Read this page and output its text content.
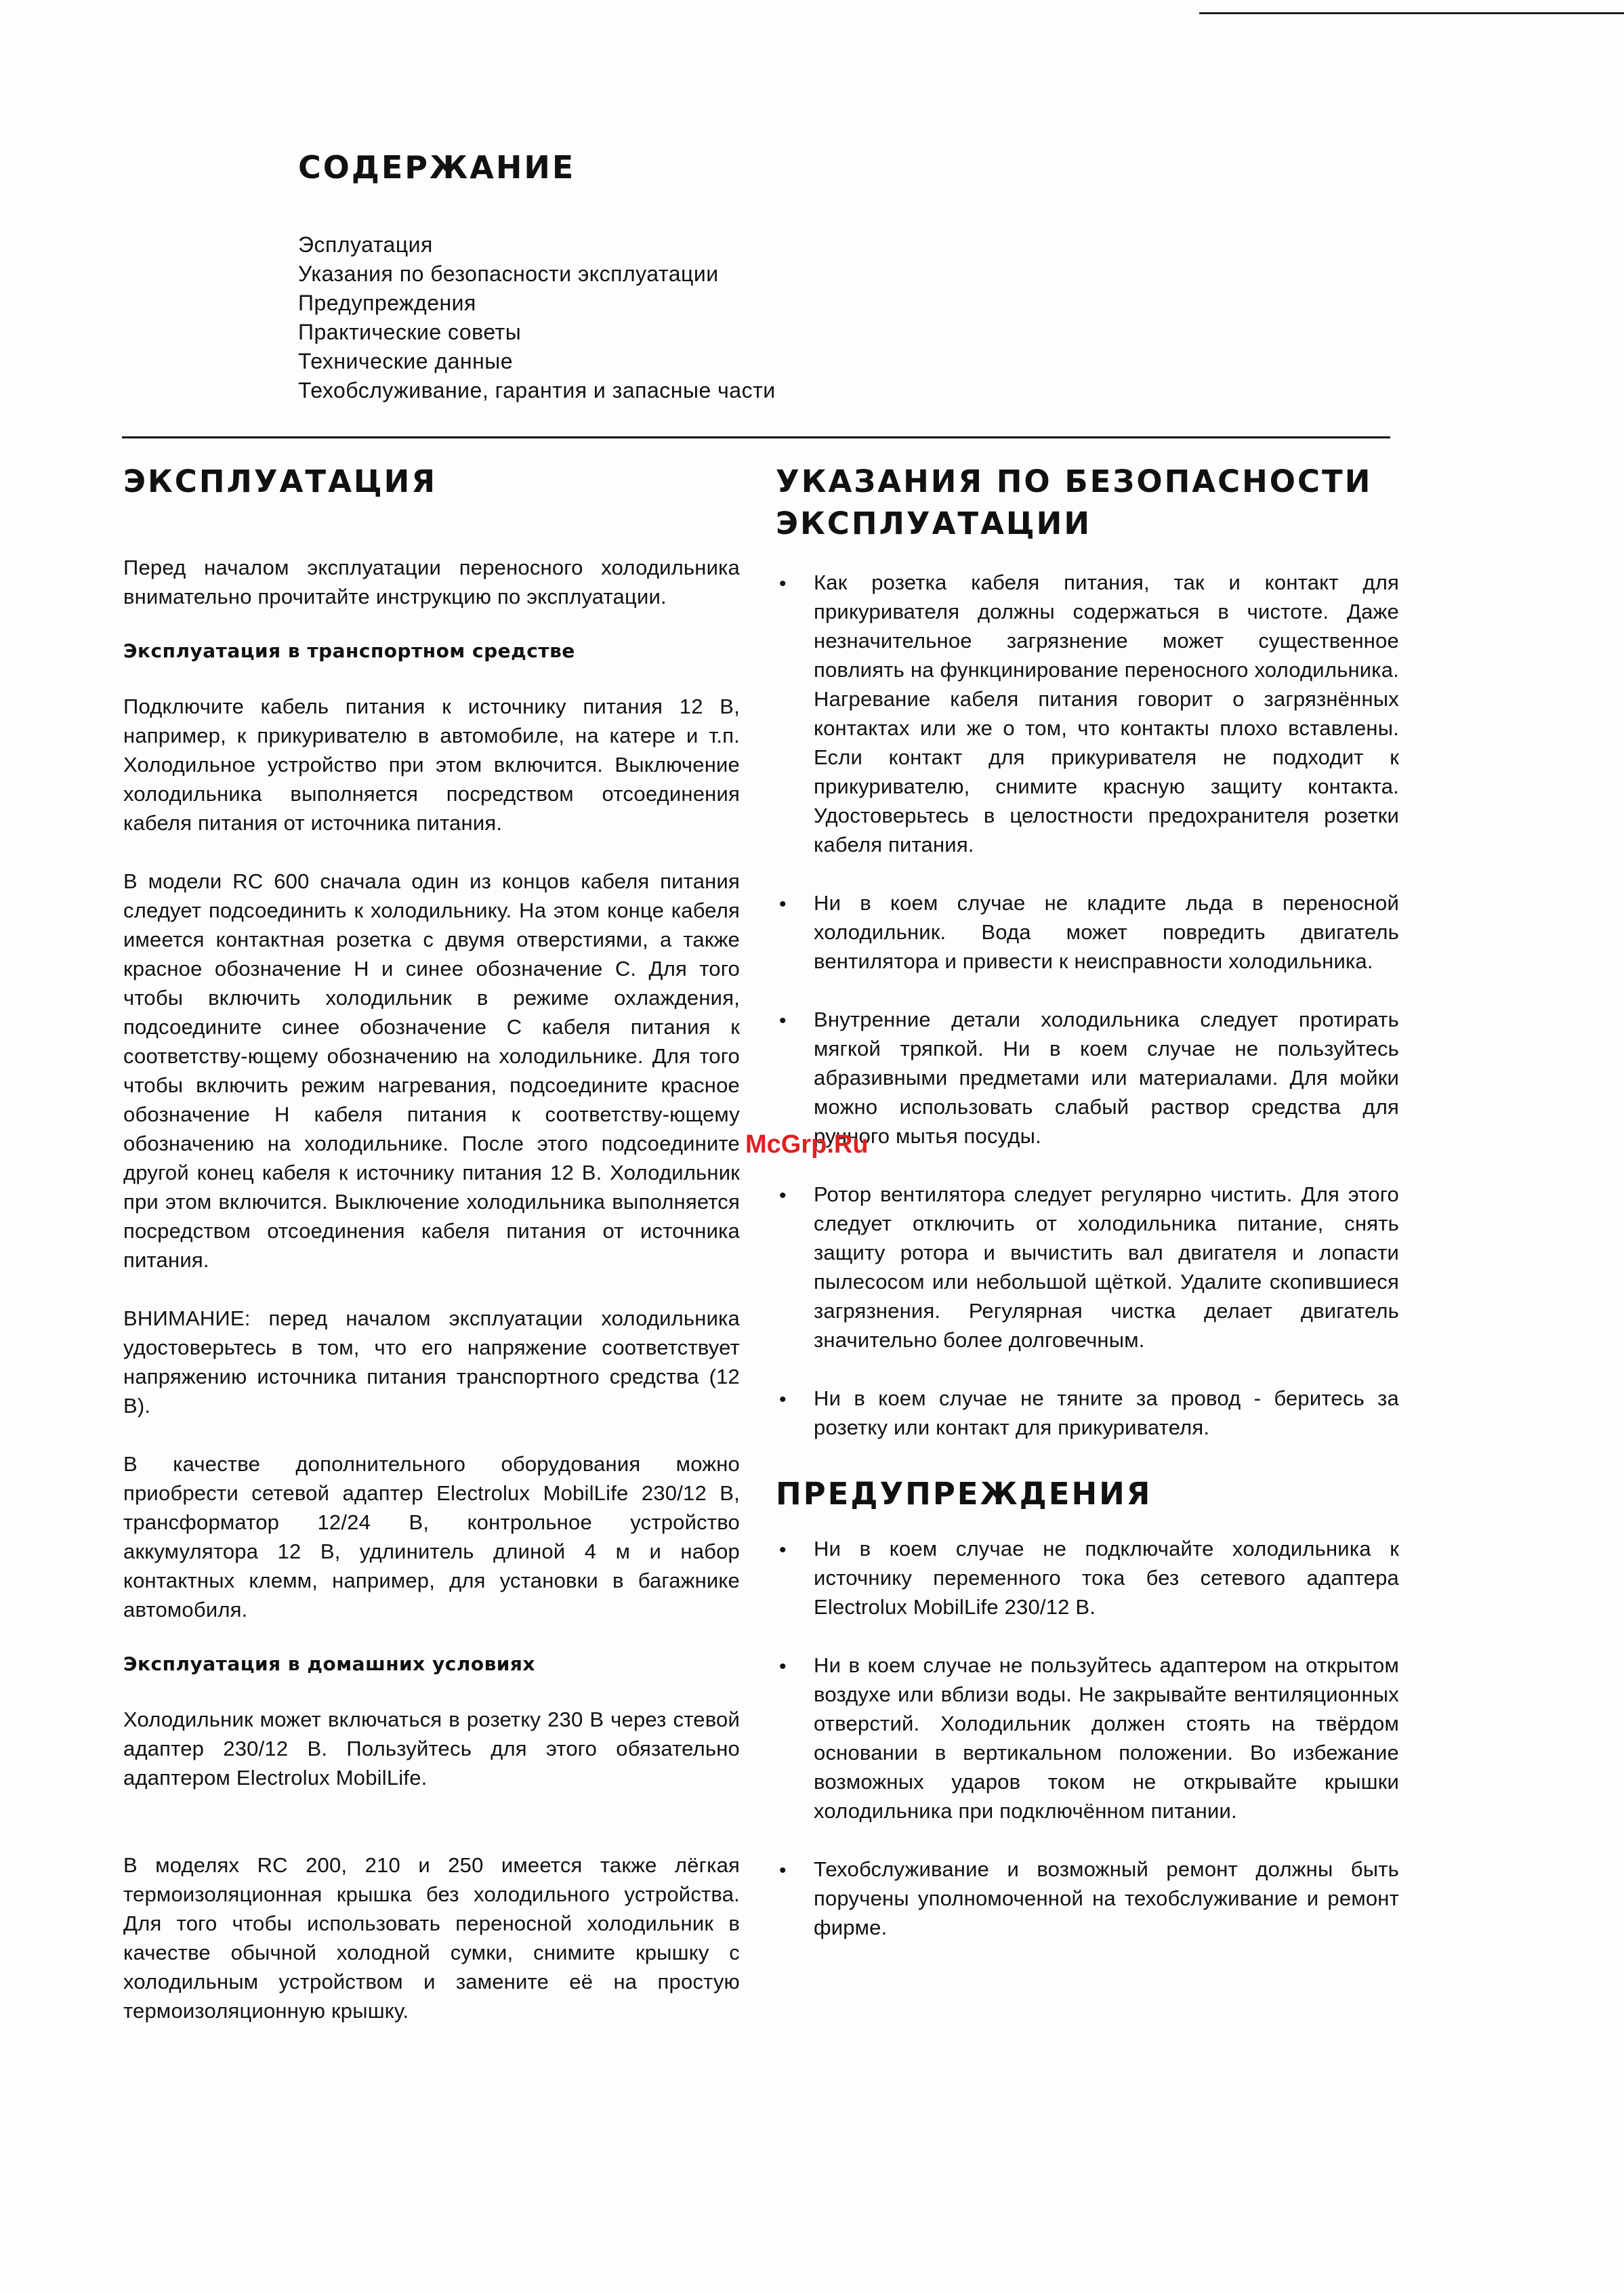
СОДЕРЖАНИЕ
Эсплуатация
Указания по безопасности эксплуатации
Предупреждения
Практические советы
Технические данные
Техобслуживание, гарантия и запасные части
ЭКСПЛУАТАЦИЯ

Перед началом эксплуатации переносного холодильника внимательно прочитайте инструкцию по эксплуатации.

Эксплуатация в транспортном средстве

Подключите кабель питания к источнику питания 12 В, например, к прикуривателю в автомобиле, на катере и т.п. Холодильное устройство при этом включится. Выключение холодильника выполняется посредством отсоединения кабеля питания от источника питания.

В модели RC 600 сначала один из концов кабеля питания следует подсоединить к холодильнику. На этом конце кабеля имеется контактная розетка с двумя отверстиями, а также красное обозначение Н и синее обозначение С. Для того чтобы включить холодильник в режиме охлаждения, подсоедините синее обозначение С кабеля питания к соответству-ющему обозначению на холодильнике. Для того чтобы включить режим нагревания, подсоедините красное обозначение Н кабеля питания к соответству-ющему обозначению на холодильнике. После этого подсоедините другой конец кабеля к источнику питания 12 В. Холодильник при этом включится. Выключение холодильника выполняется посредством отсоединения кабеля питания от источника питания.

ВНИМАНИЕ: перед началом эксплуатации холодильника удостоверьтесь в том, что его напряжение соответствует напряжению источника питания транспортного средства (12 В).

В качестве дополнительного оборудования можно приобрести сетевой адаптер Electrolux MobilLife 230/12 В, трансформатор 12/24 В, контрольное устройство аккумулятора 12 В, удлинитель длиной 4 м и набор контактных клемм, например, для установки в багажнике автомобиля.

Эксплуатация в домашних условиях

Холодильник может включаться в розетку 230 В через стевой адаптер 230/12 В. Пользуйтесь для этого обязательно адаптером Electrolux MobilLife.

В моделях RC 200, 210 и 250 имеется также лёгкая термоизоляционная крышка без холодильного устройства. Для того чтобы использовать переносной холодильник в качестве обычной холодной сумки, снимите крышку с холодильным устройством и замените её на простую термоизоляционную крышку.

УКАЗАНИЯ ПО БЕЗОПАСНОСТИ
ЭКСПЛУАТАЦИИ
• Как розетка кабеля питания, так и контакт для прикуривателя должны содержаться в чистоте. Даже незначительное загрязнение может существенное повлиять на функцинирование переносного холодильника. Нагревание кабеля питания говорит о загрязнённых контактах или же о том, что контакты плохо вставлены. Если контакт для прикуривателя не подходит к прикуривателю, снимите красную защиту контакта. Удостоверьтесь в целостности предохранителя розетки кабеля питания.

• Ни в коем случае не кладите льда в переносной холодильник. Вода может повредить двигатель вентилятора и привести к неисправности холодильника.

• Внутренние детали холодильника следует протирать мягкой тряпкой. Ни в коем случае не пользуйтесь абразивными предметами или материалами. Для мойки можно использовать слабый раствор средства для ручного мытья посуды.

• Ротор вентилятора следует регулярно чистить. Для этого следует отключить от холодильника питание, снять защиту ротора и вычистить вал двигателя и лопасти пылесосом или небольшой щёткой. Удалите скопившиеся загрязнения. Регулярная чистка делает двигатель значительно более долговечным.

• Ни в коем случае не тяните за провод - беритесь за розетку или контакт для прикуривателя.

ПРЕДУПРЕЖДЕНИЯ
• Ни в коем случае не подключайте холодильника к источнику переменного тока без сетевого адаптера Electrolux MobilLife 230/12 В.

• Ни в коем случае не пользуйтесь адаптером на открытом воздухе или вблизи воды. Не закрывайте вентиляционных отверстий. Холодильник должен стоять на твёрдом основании в вертикальном положении. Во избежание возможных ударов током не открывайте крышки холодильника при подключённом питании.

• Техобслуживание и возможный ремонт должны быть поручены уполномоченной на техобслуживание и ремонт фирме.

McGrp.Ru
